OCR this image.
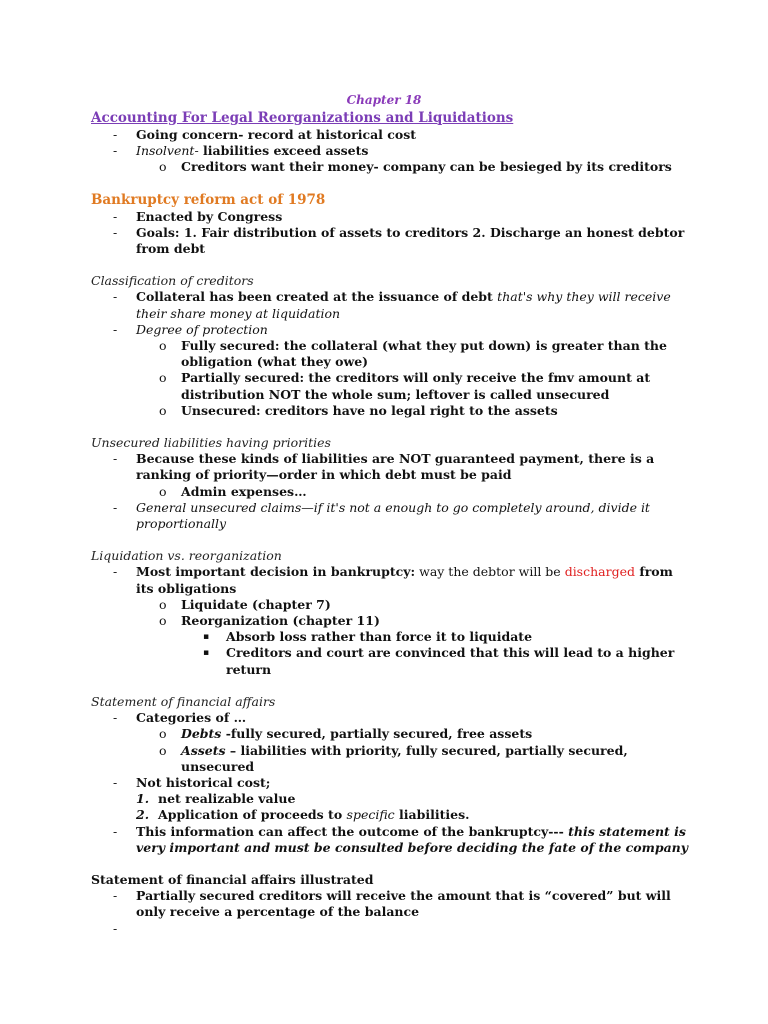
Chapter 18
Accounting For Legal Reorganizations and Liquidations
- Going concern- record at historical cost
- Insolvent- liabilities exceed assets
o Creditors want their money- company can be besieged by its creditors
Bankruptcy reform act of 1978
- Enacted by Congress
- Goals: 1. Fair distribution of assets to creditors 2. Discharge an honest debtor from debt
Classification of creditors
- Collateral has been created at the issuance of debt that's why they will receive their share money at liquidation
- Degree of protection
o Fully secured: the collateral (what they put down) is greater than the obligation (what they owe)
o Partially secured: the creditors will only receive the fmv amount at distribution NOT the whole sum; leftover is called unsecured
o Unsecured: creditors have no legal right to the assets
Unsecured liabilities having priorities
- Because these kinds of liabilities are NOT guaranteed payment, there is a ranking of priority—order in which debt must be paid
o Admin expenses…
- General unsecured claims—if it's not a enough to go completely around, divide it proportionally
Liquidation vs. reorganization
- Most important decision in bankruptcy: way the debtor will be discharged from its obligations
o Liquidate (chapter 7)
o Reorganization (chapter 11)
▪ Absorb loss rather than force it to liquidate
▪ Creditors and court are convinced that this will lead to a higher return
Statement of financial affairs
- Categories of …
o Debts -fully secured, partially secured, free assets
o Assets – liabilities with priority, fully secured, partially secured, unsecured
- Not historical cost;
1. net realizable value
2. Application of proceeds to specific liabilities.
- This information can affect the outcome of the bankruptcy--- this statement is very important and must be consulted before deciding the fate of the company
Statement of financial affairs illustrated
- Partially secured creditors will receive the amount that is “covered” but will only receive a percentage of the balance
-
